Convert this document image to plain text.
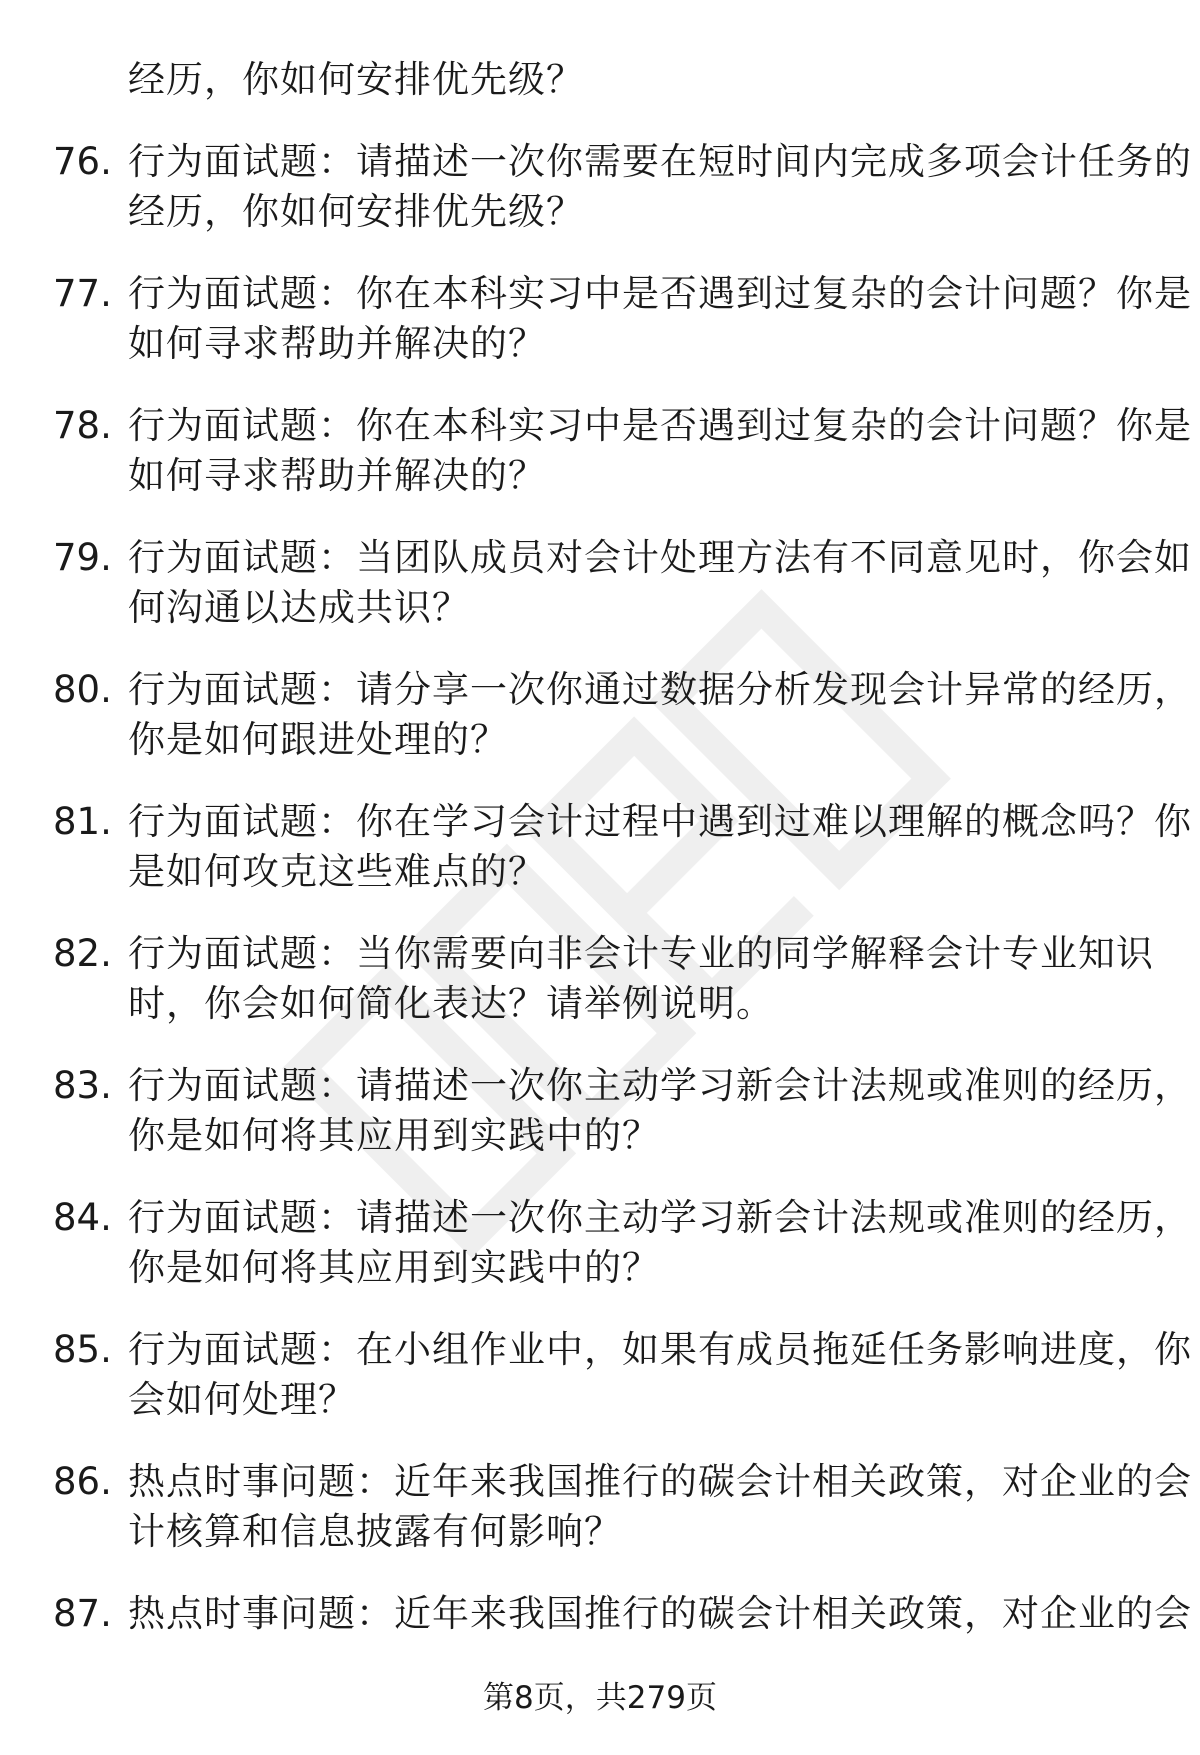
经历，你如何安排优先级？
76. 行为面试题：请描述一次你需要在短时间内完成多项会计任务的
经历，你如何安排优先级？
77. 行为面试题：你在本科实习中是否遇到过复杂的会计问题？你是
如何寻求帮助并解决的？
78. 行为面试题：你在本科实习中是否遇到过复杂的会计问题？你是
如何寻求帮助并解决的？
79. 行为面试题：当团队成员对会计处理方法有不同意见时，你会如
何沟通以达成共识？
80. 行为面试题：请分享一次你通过数据分析发现会计异常的经历，
你是如何跟进处理的？
81. 行为面试题：你在学习会计过程中遇到过难以理解的概念吗？你
是如何攻克这些难点的？
82. 行为面试题：当你需要向非会计专业的同学解释会计专业知识
时，你会如何简化表达？请举例说明。
83. 行为面试题：请描述一次你主动学习新会计法规或准则的经历，
你是如何将其应用到实践中的？
84. 行为面试题：请描述一次你主动学习新会计法规或准则的经历，
你是如何将其应用到实践中的？
85. 行为面试题：在小组作业中，如果有成员拖延任务影响进度，你
会如何处理？
86. 热点时事问题：近年来我国推行的碳会计相关政策，对企业的会
计核算和信息披露有何影响？
87. 热点时事问题：近年来我国推行的碳会计相关政策，对企业的会
第8页，共279页
